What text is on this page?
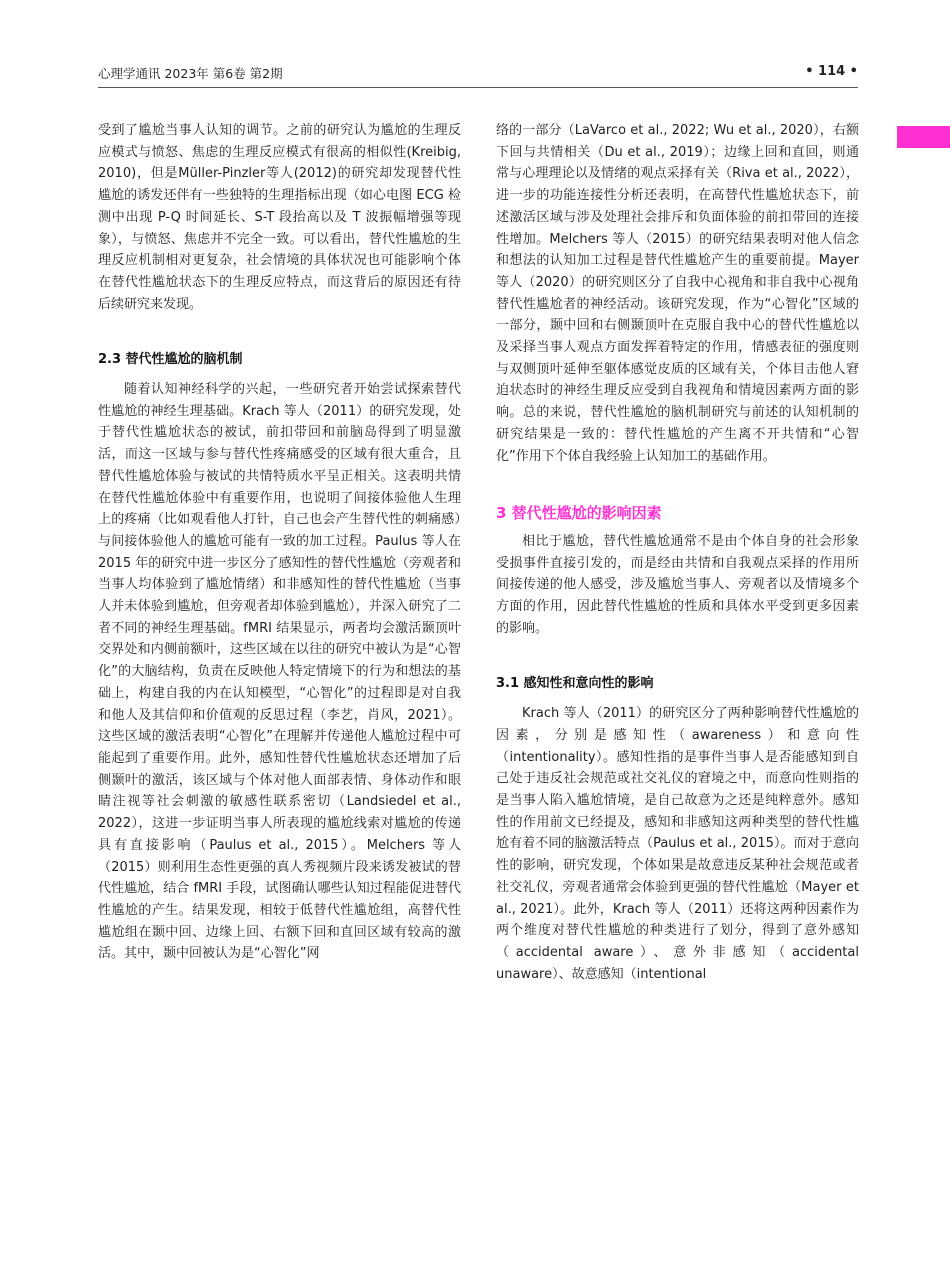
心理学通讯 2023年 第6卷 第2期	• 114 •

受到了尴尬当事人认知的调节。之前的研究认为尴尬的生理反应模式与愤怒、焦虑的生理反应模式有很高的相似性(Kreibig, 2010)，但是Müller-Pinzler等人(2012)的研究却发现替代性尴尬的诱发还伴有一些独特的生理指标出现（如心电图 ECG 检测中出现 P-Q 时间延长、S-T 段抬高以及 T 波振幅增强等现象），与愤怒、焦虑并不完全一致。可以看出，替代性尴尬的生理反应机制相对更复杂，社会情境的具体状况也可能影响个体在替代性尴尬状态下的生理反应特点，而这背后的原因还有待后续研究来发现。

2.3 替代性尴尬的脑机制

随着认知神经科学的兴起，一些研究者开始尝试探索替代性尴尬的神经生理基础。Krach 等人（2011）的研究发现，处于替代性尴尬状态的被试，前扣带回和前脑岛得到了明显激活，而这一区域与参与替代性疼痛感受的区域有很大重合，且替代性尴尬体验与被试的共情特质水平呈正相关。这表明共情在替代性尴尬体验中有重要作用，也说明了间接体验他人生理上的疼痛（比如观看他人打针，自己也会产生替代性的刺痛感）与间接体验他人的尴尬可能有一致的加工过程。Paulus 等人在 2015 年的研究中进一步区分了感知性的替代性尴尬（旁观者和当事人均体验到了尴尬情绪）和非感知性的替代性尴尬（当事人并未体验到尴尬，但旁观者却体验到尴尬），并深入研究了二者不同的神经生理基础。fMRI 结果显示，两者均会激活颞顶叶交界处和内侧前额叶，这些区域在以往的研究中被认为是“心智化”的大脑结构，负责在反映他人特定情境下的行为和想法的基础上，构建自我的内在认知模型，“心智化”的过程即是对自我和他人及其信仰和价值观的反思过程（李艺，肖风，2021）。这些区域的激活表明“心智化”在理解并传递他人尴尬过程中可能起到了重要作用。此外，感知性替代性尴尬状态还增加了后侧颞叶的激活，该区域与个体对他人面部表情、身体动作和眼睛注视等社会刺激的敏感性联系密切（Landsiedel et al., 2022），这进一步证明当事人所表现的尴尬线索对尴尬的传递具有直接影响（Paulus et al., 2015）。Melchers 等人（2015）则利用生态性更强的真人秀视频片段来诱发被试的替代性尴尬，结合 fMRI 手段，试图确认哪些认知过程能促进替代性尴尬的产生。结果发现，相较于低替代性尴尬组，高替代性尴尬组在颞中回、边缘上回、右额下回和直回区域有较高的激活。其中，颞中回被认为是“心智化”网

络的一部分（LaVarco et al., 2022; Wu et al., 2020），右额下回与共情相关（Du et al., 2019）；边缘上回和直回，则通常与心理理论以及情绪的观点采择有关（Riva et al., 2022），进一步的功能连接性分析还表明，在高替代性尴尬状态下，前述激活区域与涉及处理社会排斥和负面体验的前扣带回的连接性增加。Melchers 等人（2015）的研究结果表明对他人信念和想法的认知加工过程是替代性尴尬产生的重要前提。Mayer 等人（2020）的研究则区分了自我中心视角和非自我中心视角替代性尴尬者的神经活动。该研究发现，作为“心智化”区域的一部分，颞中回和右侧颞顶叶在克服自我中心的替代性尴尬以及采择当事人观点方面发挥着特定的作用，情感表征的强度则与双侧顶叶延伸至躯体感觉皮质的区域有关，个体目击他人窘迫状态时的神经生理反应受到自我视角和情境因素两方面的影响。总的来说，替代性尴尬的脑机制研究与前述的认知机制的研究结果是一致的：替代性尴尬的产生离不开共情和“心智化”作用下个体自我经验上认知加工的基础作用。

3 替代性尴尬的影响因素

相比于尴尬，替代性尴尬通常不是由个体自身的社会形象受损事件直接引发的，而是经由共情和自我观点采择的作用所间接传递的他人感受，涉及尴尬当事人、旁观者以及情境多个方面的作用，因此替代性尴尬的性质和具体水平受到更多因素的影响。

3.1 感知性和意向性的影响

Krach 等人（2011）的研究区分了两种影响替代性尴尬的因素，分别是感知性（awareness）和意向性（intentionality）。感知性指的是事件当事人是否能感知到自己处于违反社会规范或社交礼仪的窘境之中，而意向性则指的是当事人陷入尴尬情境，是自己故意为之还是纯粹意外。感知性的作用前文已经提及，感知和非感知这两种类型的替代性尴尬有着不同的脑激活特点（Paulus et al., 2015）。而对于意向性的影响，研究发现，个体如果是故意违反某种社会规范或者社交礼仪，旁观者通常会体验到更强的替代性尴尬（Mayer et al., 2021）。此外，Krach 等人（2011）还将这两种因素作为两个维度对替代性尴尬的种类进行了划分，得到了意外感知（accidental aware）、意外非感知（accidental unaware）、故意感知（intentional
